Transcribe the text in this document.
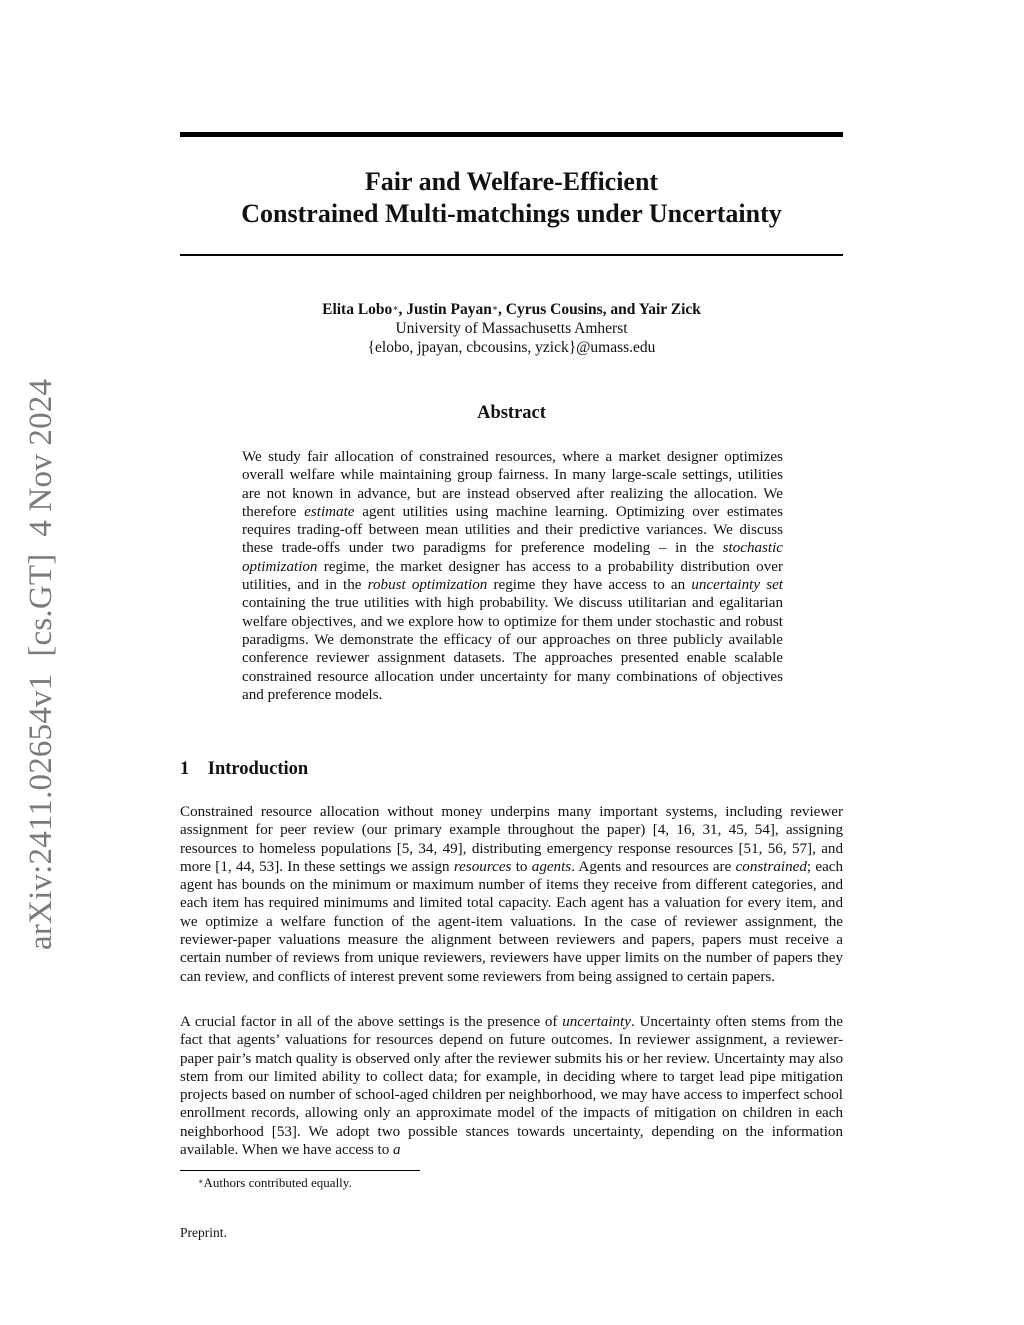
arXiv:2411.02654v1  [cs.GT]  4 Nov 2024
Fair and Welfare-Efficient
Constrained Multi-matchings under Uncertainty
Elita Lobo∗, Justin Payan∗, Cyrus Cousins, and Yair Zick
University of Massachusetts Amherst
{elobo, jpayan, cbcousins, yzick}@umass.edu
Abstract
We study fair allocation of constrained resources, where a market designer optimizes overall welfare while maintaining group fairness. In many large-scale settings, utilities are not known in advance, but are instead observed after realizing the allocation. We therefore estimate agent utilities using machine learning. Optimizing over estimates requires trading-off between mean utilities and their predictive variances. We discuss these trade-offs under two paradigms for preference modeling – in the stochastic optimization regime, the market designer has access to a probability distribution over utilities, and in the robust optimization regime they have access to an uncertainty set containing the true utilities with high probability. We discuss utilitarian and egalitarian welfare objectives, and we explore how to optimize for them under stochastic and robust paradigms. We demonstrate the efficacy of our approaches on three publicly available conference reviewer assignment datasets. The approaches presented enable scalable constrained resource allocation under uncertainty for many combinations of objectives and preference models.
1 Introduction

Constrained resource allocation without money underpins many important systems, including reviewer assignment for peer review (our primary example throughout the paper) [4, 16, 31, 45, 54], assigning resources to homeless populations [5, 34, 49], distributing emergency response resources [51, 56, 57], and more [1, 44, 53]. In these settings we assign resources to agents. Agents and resources are constrained; each agent has bounds on the minimum or maximum number of items they receive from different categories, and each item has required minimums and limited total capacity. Each agent has a valuation for every item, and we optimize a welfare function of the agent-item valuations. In the case of reviewer assignment, the reviewer-paper valuations measure the alignment between reviewers and papers, papers must receive a certain number of reviews from unique reviewers, reviewers have upper limits on the number of papers they can review, and conflicts of interest prevent some reviewers from being assigned to certain papers.

A crucial factor in all of the above settings is the presence of uncertainty. Uncertainty often stems from the fact that agents’ valuations for resources depend on future outcomes. In reviewer assignment, a reviewer-paper pair’s match quality is observed only after the reviewer submits his or her review. Uncertainty may also stem from our limited ability to collect data; for example, in deciding where to target lead pipe mitigation projects based on number of school-aged children per neighborhood, we may have access to imperfect school enrollment records, allowing only an approximate model of the impacts of mitigation on children in each neighborhood [53]. We adopt two possible stances towards uncertainty, depending on the information available. When we have access to a

∗Authors contributed equally.
Preprint.
